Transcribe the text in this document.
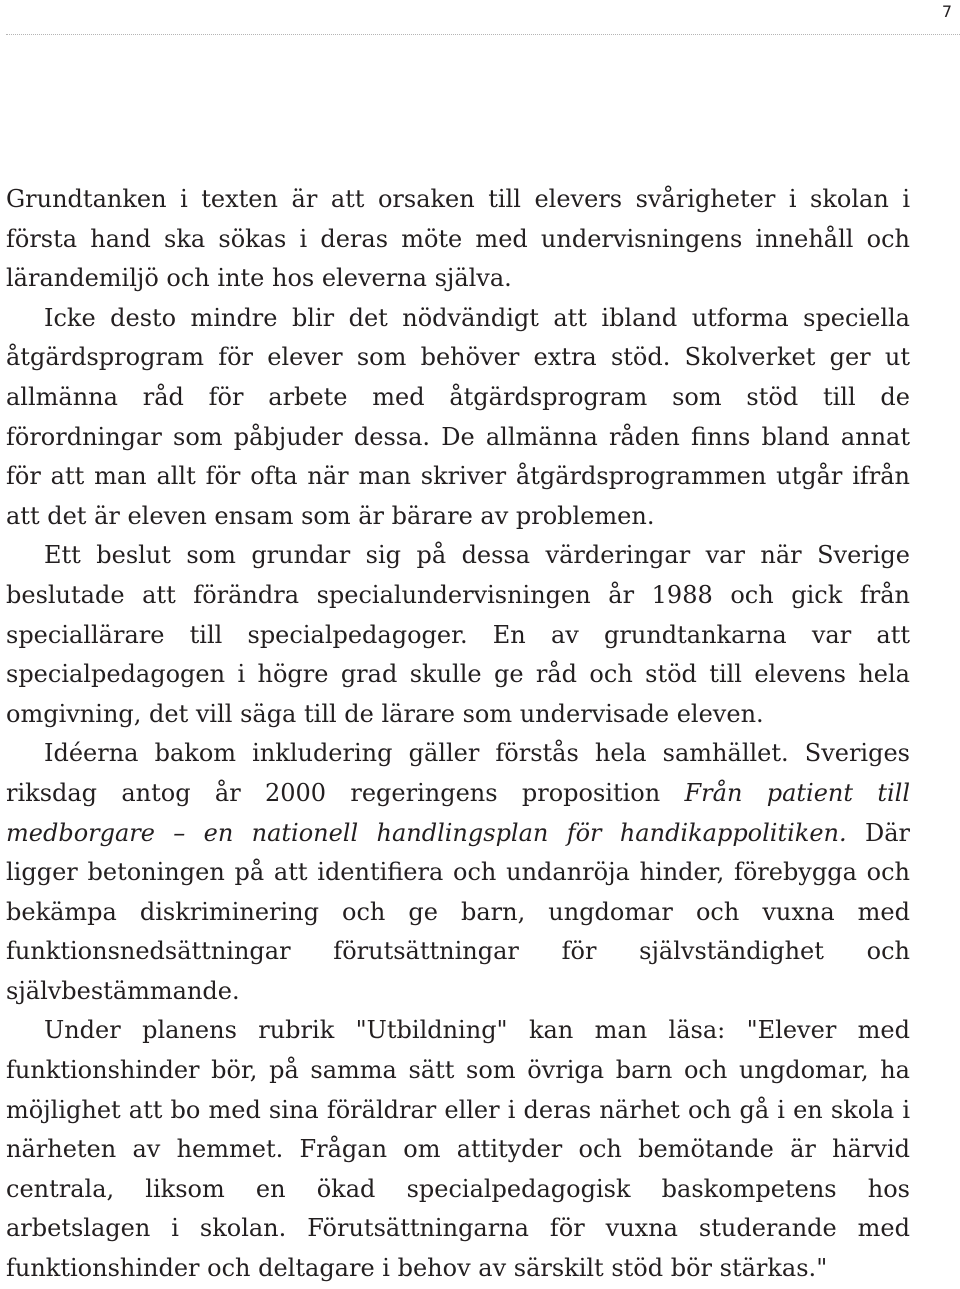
7

Grundtanken i texten är att orsaken till elevers svårigheter i skolan i första hand ska sökas i deras möte med undervisningens innehåll och lärandemiljö och inte hos eleverna själva.

Icke desto mindre blir det nödvändigt att ibland utforma speciella åtgärdsprogram för elever som behöver extra stöd. Skolverket ger ut allmänna råd för arbete med åtgärdsprogram som stöd till de förordningar som påbjuder dessa. De allmänna råden finns bland annat för att man allt för ofta när man skriver åtgärdsprogrammen utgår ifrån att det är eleven ensam som är bärare av problemen.

Ett beslut som grundar sig på dessa värderingar var när Sverige beslutade att förändra specialundervisningen år 1988 och gick från speciallärare till specialpedagoger. En av grundtankarna var att specialpedagogen i högre grad skulle ge råd och stöd till elevens hela omgivning, det vill säga till de lärare som undervisade eleven.

Idéerna bakom inkludering gäller förstås hela samhället. Sveriges riksdag antog år 2000 regeringens proposition Från patient till medborgare – en nationell handlingsplan för handikappolitiken. Där ligger betoningen på att identifiera och undanröja hinder, förebygga och bekämpa diskriminering och ge barn, ungdomar och vuxna med funktionsnedsättningar förutsättningar för självständighet och självbestämmande.

Under planens rubrik "Utbildning" kan man läsa: "Elever med funktionshinder bör, på samma sätt som övriga barn och ungdomar, ha möjlighet att bo med sina föräldrar eller i deras närhet och gå i en skola i närheten av hemmet. Frågan om attityder och bemötande är härvid centrala, liksom en ökad specialpedagogisk baskompetens hos arbetslagen i skolan. Förutsättningarna för vuxna studerande med funktionshinder och deltagare i behov av särskilt stöd bör stärkas."
